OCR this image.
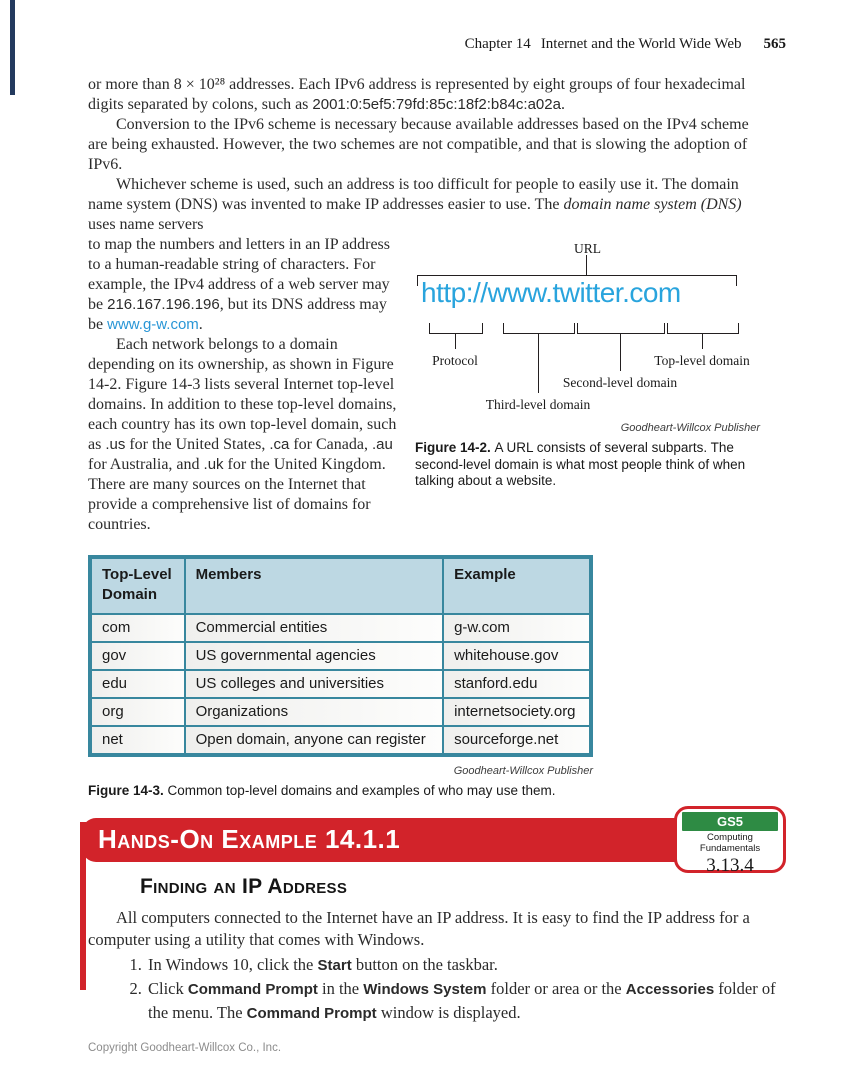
Chapter 14 Internet and the World Wide Web 565

or more than 8 × 10²⁸ addresses. Each IPv6 address is represented by eight groups of four hexadecimal digits separated by colons, such as 2001:0:5ef5:79fd:85c:18f2:b84c:a02a.

Conversion to the IPv6 scheme is necessary because available addresses based on the IPv4 scheme are being exhausted. However, the two schemes are not compatible, and that is slowing the adoption of IPv6.

Whichever scheme is used, such an address is too difficult for people to easily use it. The domain name system (DNS) was invented to make IP addresses easier to use. The domain name system (DNS) uses name servers

URL
http://www.twitter.com
Protocol	Top-level domain
Second-level domain
Third-level domain
Goodheart-Willcox Publisher
Figure 14-2. A URL consists of several subparts. The second-level domain is what most people think of when talking about a website.

to map the numbers and letters in an IP address to a human-readable string of characters. For example, the IPv4 address of a web server may be 216.167.196.196, but its DNS address may be www.g-w.com.

Each network belongs to a domain depending on its ownership, as shown in Figure 14-2. Figure 14-3 lists several Internet top-level domains. In addition to these top-level domains, each country has its own top-level domain, such as .us for the United States, .ca for Canada, .au for Australia, and .uk for the United Kingdom. There are many sources on the Internet that provide a comprehensive list of domains for countries.

Top-Level Domain	Members	Example
com	Commercial entities	g-w.com
gov	US governmental agencies	whitehouse.gov
edu	US colleges and universities	stanford.edu
org	Organizations	internetsociety.org
net	Open domain, anyone can register	sourceforge.net
Goodheart-Willcox Publisher
Figure 14-3. Common top-level domains and examples of who may use them.
Hands-On Example 14.1.1
GS5
Computing Fundamentals
3.13.4
Finding an IP Address

All computers connected to the Internet have an IP address. It is easy to find the IP address for a computer using a utility that comes with Windows.

1. In Windows 10, click the Start button on the taskbar.
2. Click Command Prompt in the Windows System folder or area or the Accessories folder of the menu. The Command Prompt window is displayed.
Copyright Goodheart-Willcox Co., Inc.
